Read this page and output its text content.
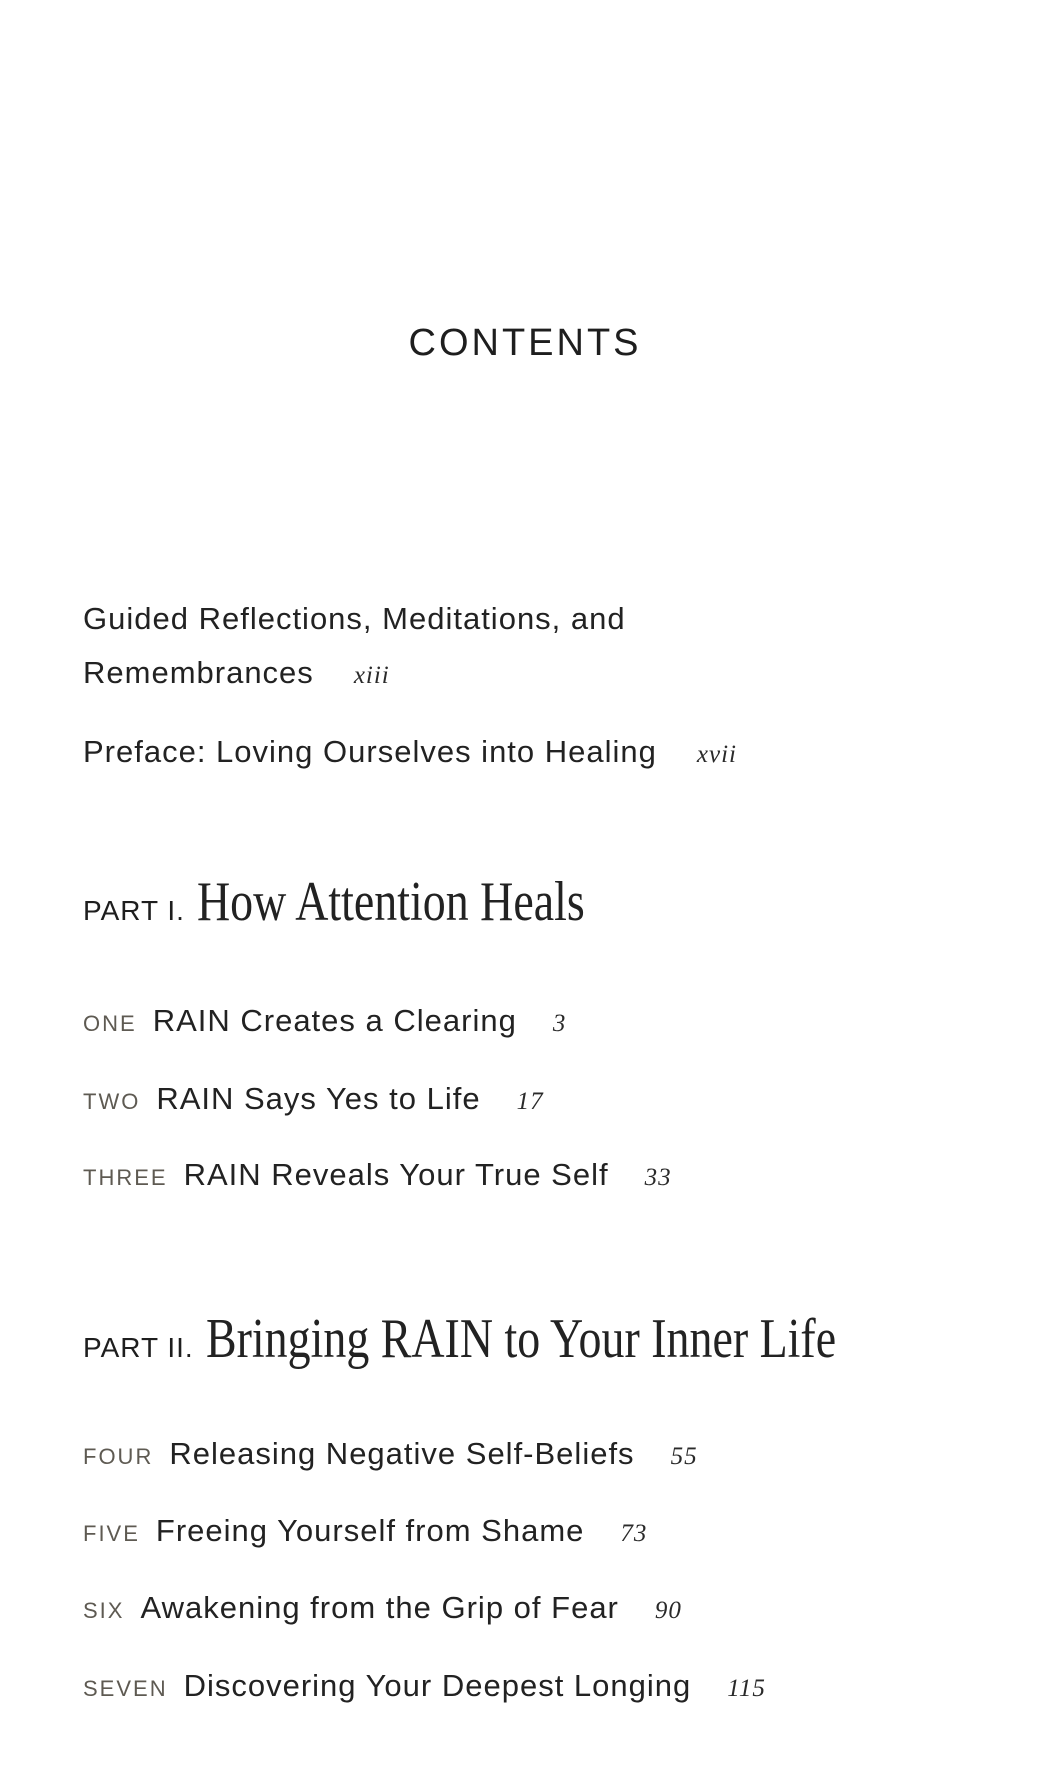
CONTENTS
Guided Reflections, Meditations, and
Remembrances xiii
Preface: Loving Ourselves into Healing xvii
PART I. How Attention Heals
ONE RAIN Creates a Clearing 3
TWO RAIN Says Yes to Life 17
THREE RAIN Reveals Your True Self 33
PART II. Bringing RAIN to Your Inner Life
FOUR Releasing Negative Self-Beliefs 55
FIVE Freeing Yourself from Shame 73
SIX Awakening from the Grip of Fear 90
SEVEN Discovering Your Deepest Longing 115
